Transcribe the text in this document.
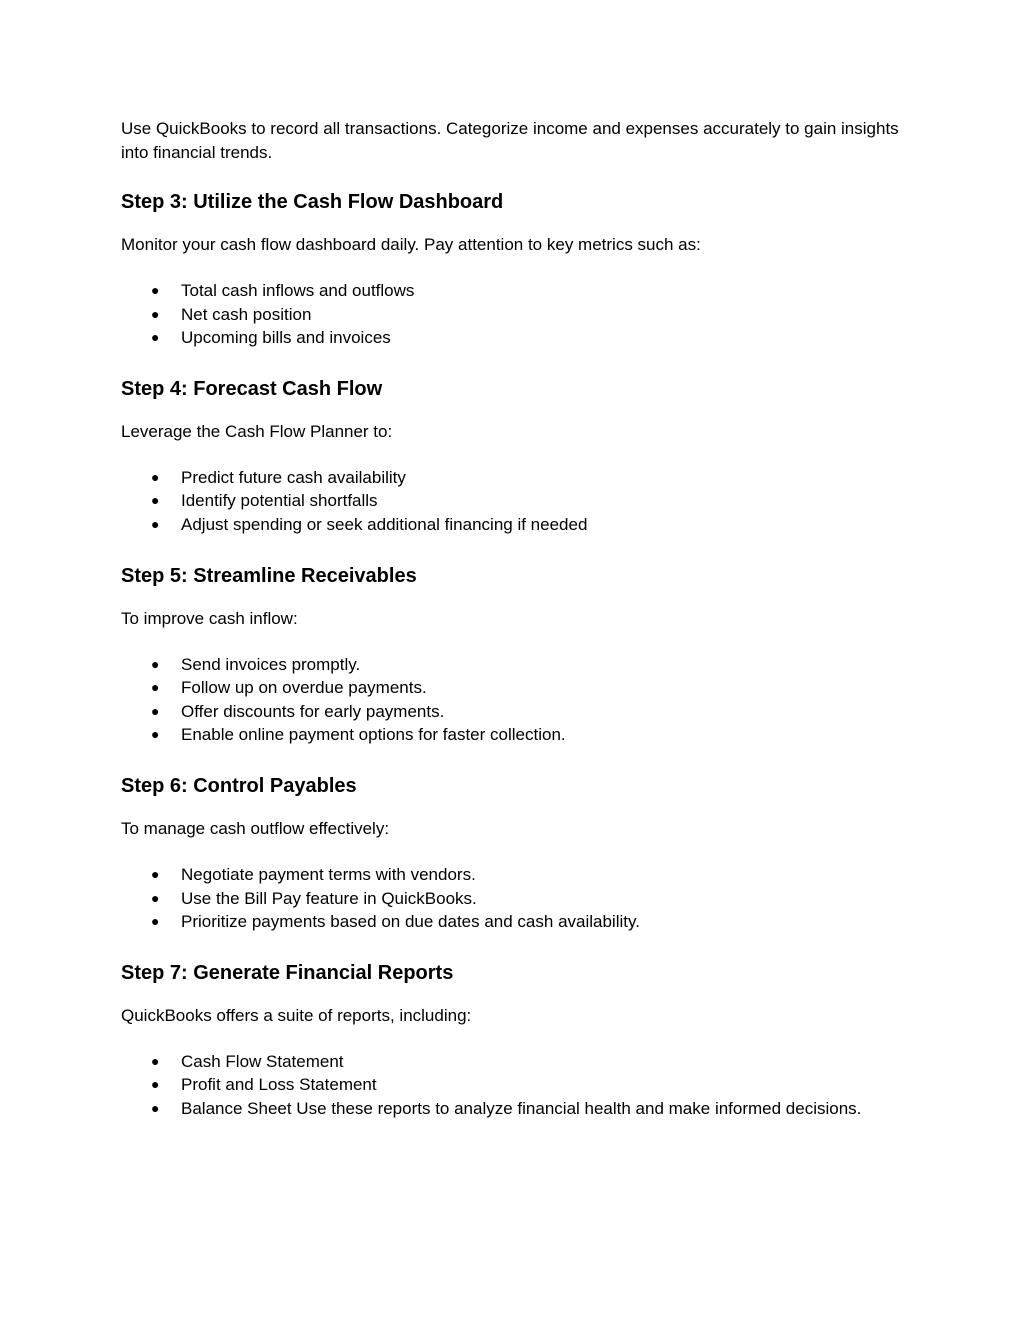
Use QuickBooks to record all transactions. Categorize income and expenses accurately to gain insights into financial trends.

Step 3: Utilize the Cash Flow Dashboard

Monitor your cash flow dashboard daily. Pay attention to key metrics such as:

● Total cash inflows and outflows
● Net cash position
● Upcoming bills and invoices
Step 4: Forecast Cash Flow

Leverage the Cash Flow Planner to:

● Predict future cash availability
● Identify potential shortfalls
● Adjust spending or seek additional financing if needed
Step 5: Streamline Receivables

To improve cash inflow:

● Send invoices promptly.
● Follow up on overdue payments.
● Offer discounts for early payments.
● Enable online payment options for faster collection.
Step 6: Control Payables

To manage cash outflow effectively:

● Negotiate payment terms with vendors.
● Use the Bill Pay feature in QuickBooks.
● Prioritize payments based on due dates and cash availability.
Step 7: Generate Financial Reports

QuickBooks offers a suite of reports, including:

● Cash Flow Statement
● Profit and Loss Statement
● Balance Sheet Use these reports to analyze financial health and make informed decisions.
